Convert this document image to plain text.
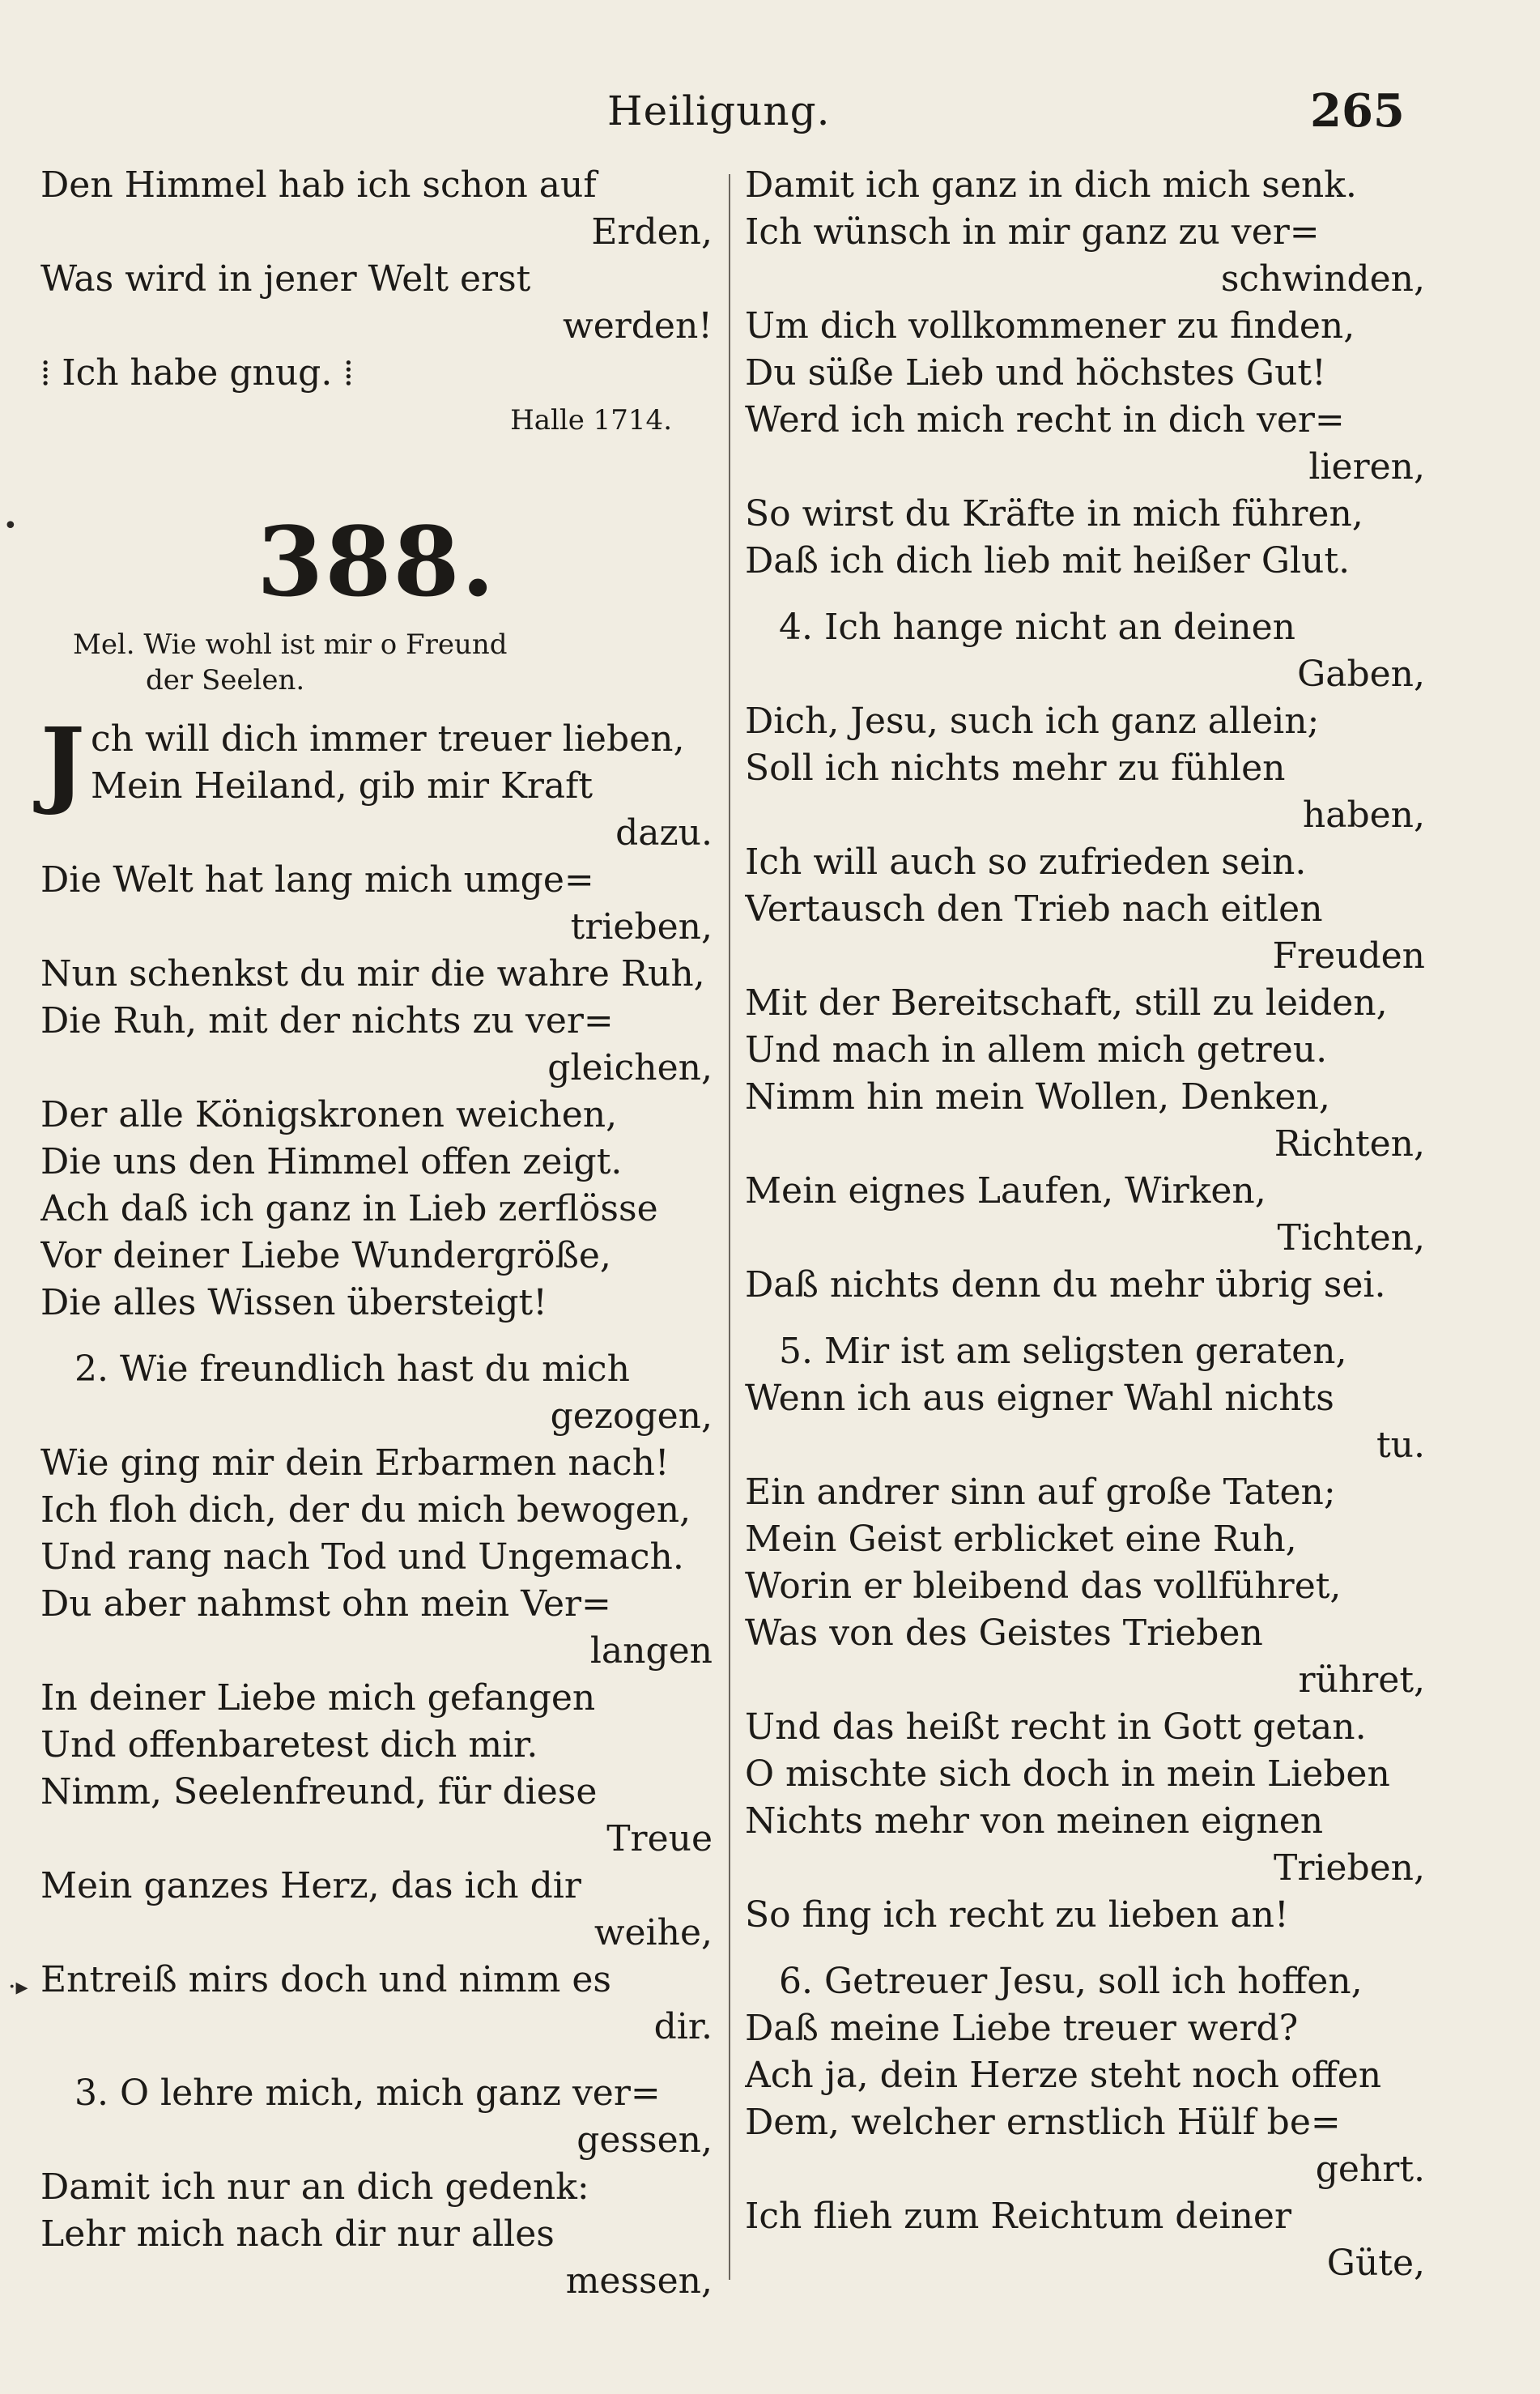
Heiligung.	265
Den Himmel hab ich schon auf
Erden,
Was wird in jener Welt erst
werden!
⁞ Ich habe gnug. ⁞
Halle 1714.
388.
Mel. Wie wohl ist mir o Freund
der Seelen.
J ch will dich immer treuer lieben,
Mein Heiland, gib mir Kraft
dazu.
Die Welt hat lang mich umge=
trieben,
Nun schenkst du mir die wahre Ruh,
Die Ruh, mit der nichts zu ver=
gleichen,
Der alle Königskronen weichen,
Die uns den Himmel offen zeigt.
Ach daß ich ganz in Lieb zerflösse
Vor deiner Liebe Wundergröße,
Die alles Wissen übersteigt!
2. Wie freundlich hast du mich
gezogen,
Wie ging mir dein Erbarmen nach!
Ich floh dich, der du mich bewogen,
Und rang nach Tod und Ungemach.
Du aber nahmst ohn mein Ver=
langen
In deiner Liebe mich gefangen
Und offenbaretest dich mir.
Nimm, Seelenfreund, für diese
Treue
Mein ganzes Herz, das ich dir
weihe,
Entreiß mirs doch und nimm es
dir.
3. O lehre mich, mich ganz ver=
gessen,
Damit ich nur an dich gedenk:
Lehr mich nach dir nur alles
messen,
Damit ich ganz in dich mich senk.
Ich wünsch in mir ganz zu ver=
schwinden,
Um dich vollkommener zu finden,
Du süße Lieb und höchstes Gut!
Werd ich mich recht in dich ver=
lieren,
So wirst du Kräfte in mich führen,
Daß ich dich lieb mit heißer Glut.
4. Ich hange nicht an deinen
Gaben,
Dich, Jesu, such ich ganz allein;
Soll ich nichts mehr zu fühlen
haben,
Ich will auch so zufrieden sein.
Vertausch den Trieb nach eitlen
Freuden
Mit der Bereitschaft, still zu leiden,
Und mach in allem mich getreu.
Nimm hin mein Wollen, Denken,
Richten,
Mein eignes Laufen, Wirken,
Tichten,
Daß nichts denn du mehr übrig sei.
5. Mir ist am seligsten geraten,
Wenn ich aus eigner Wahl nichts
tu.
Ein andrer sinn auf große Taten;
Mein Geist erblicket eine Ruh,
Worin er bleibend das vollführet,
Was von des Geistes Trieben
rühret,
Und das heißt recht in Gott getan.
O mischte sich doch in mein Lieben
Nichts mehr von meinen eignen
Trieben,
So fing ich recht zu lieben an!
6. Getreuer Jesu, soll ich hoffen,
Daß meine Liebe treuer werd?
Ach ja, dein Herze steht noch offen
Dem, welcher ernstlich Hülf be=
gehrt.
Ich flieh zum Reichtum deiner
Güte,
•
·▸
